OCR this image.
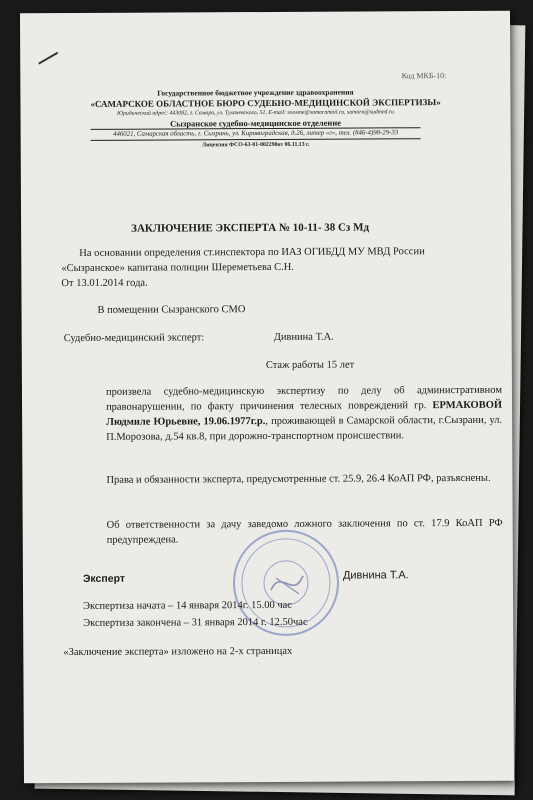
Код МКБ-10:
Государственное бюджетное учреждение здравоохранения
«САМАРСКОЕ ОБЛАСТНОЕ БЮРО СУДЕБНО-МЕДИЦИНСКОЙ ЭКСПЕРТИЗЫ»
Юридический адрес: 443082, г. Самара, ул. Тухачевского, 51, E-mail: soosme@samaramail.ru, samara@sudmed.ru
Сызранское судебно-медицинское отделение
446021, Самарская область, г. Сызрань, ул. Кировоградская, д.26, литер «г», тел. (846-4)98-29-33
Лицензия ФСО-63-01-002290от 06.11.13 г.
ЗАКЛЮЧЕНИЕ ЭКСПЕРТА № 10-11- 38 Сз Мд
На основании определения ст.инспектора по ИАЗ ОГИБДД МУ МВД России
«Сызранское» капитана полиции Шереметьева С.Н.
От 13.01.2014 года.
В помещении Сызранского СМО
Судебно-медицинский эксперт:	Дивнина Т.А.
Стаж работы 15 лет
произвела судебно-медицинскую экспертизу по делу об административном правонарушении, по факту причинения телесных повреждений гр. ЕРМАКОВОЙ Людмиле Юрьевне, 19.06.1977г.р., проживающей в Самарской области, г.Сызрани, ул. П.Морозова, д.54 кв.8, при дорожно-транспортном происшествии.
Права и обязанности эксперта, предусмотренные ст. 25.9, 26.4 КоАП РФ, разъяснены.
Об ответственности за дачу заведомо ложного заключения по ст. 17.9 КоАП РФ предупреждена.
Эксперт	Дивнина Т.А.
Экспертиза начата – 14 января 2014г. 15.00 час
Экспертиза закончена – 31 января 2014 г. 12.50час
«Заключение эксперта» изложено на 2-х страницах
